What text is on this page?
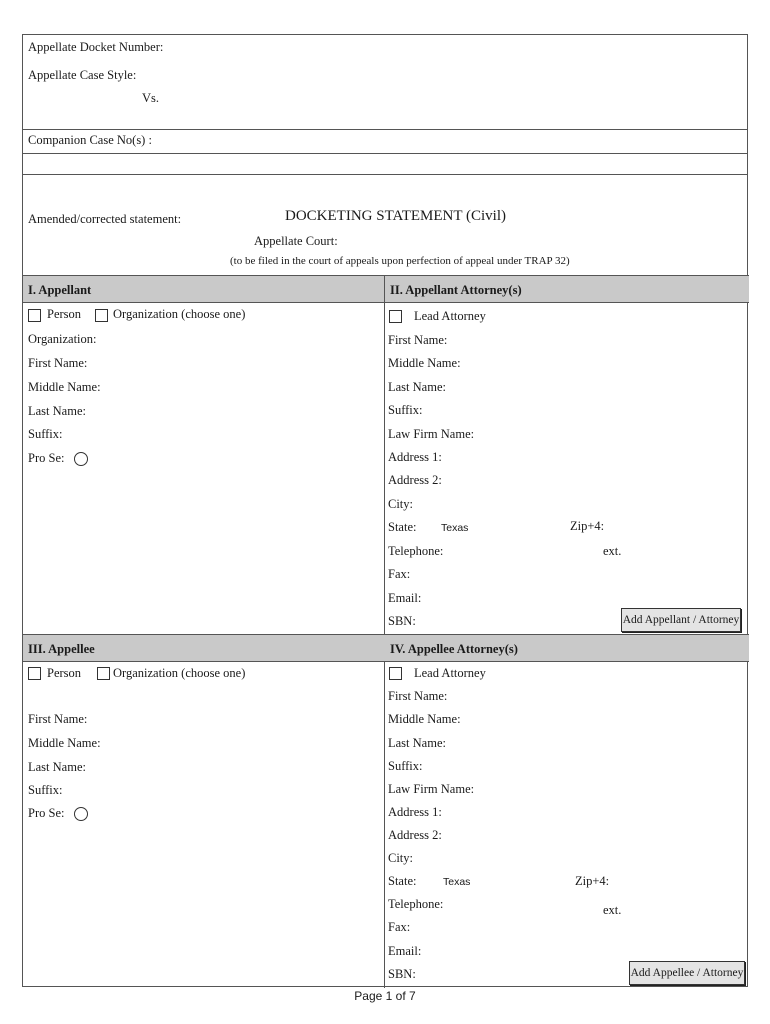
Appellate Docket Number:
Appellate Case Style:
Vs.
Companion Case No(s) :
Amended/corrected statement:	DOCKETING STATEMENT (Civil)
Appellate Court:
(to be filed in the court of appeals upon perfection of appeal under TRAP 32)
I. Appellant	II. Appellant Attorney(s)
Person	Organization (choose one)
Organization:
First Name:
Middle Name:
Last Name:
Suffix:
Pro Se:
Lead Attorney
First Name:
Middle Name:
Last Name:
Suffix:
Law Firm Name:
Address 1:
Address 2:
City:
State: Texas	Zip+4:
Telephone:	ext.
Fax:
Email:
SBN:	Add Appellant / Attorney
III. Appellee	IV. Appellee Attorney(s)
Person	Organization (choose one)
First Name:
Middle Name:
Last Name:
Suffix:
Pro Se:
Lead Attorney
First Name:
Middle Name:
Last Name:
Suffix:
Law Firm Name:
Address 1:
Address 2:
City:
State:	Texas	Zip+4:
Telephone:	ext.
Fax:
Email:
SBN:	Add Appellee / Attorney
Page 1 of 7
